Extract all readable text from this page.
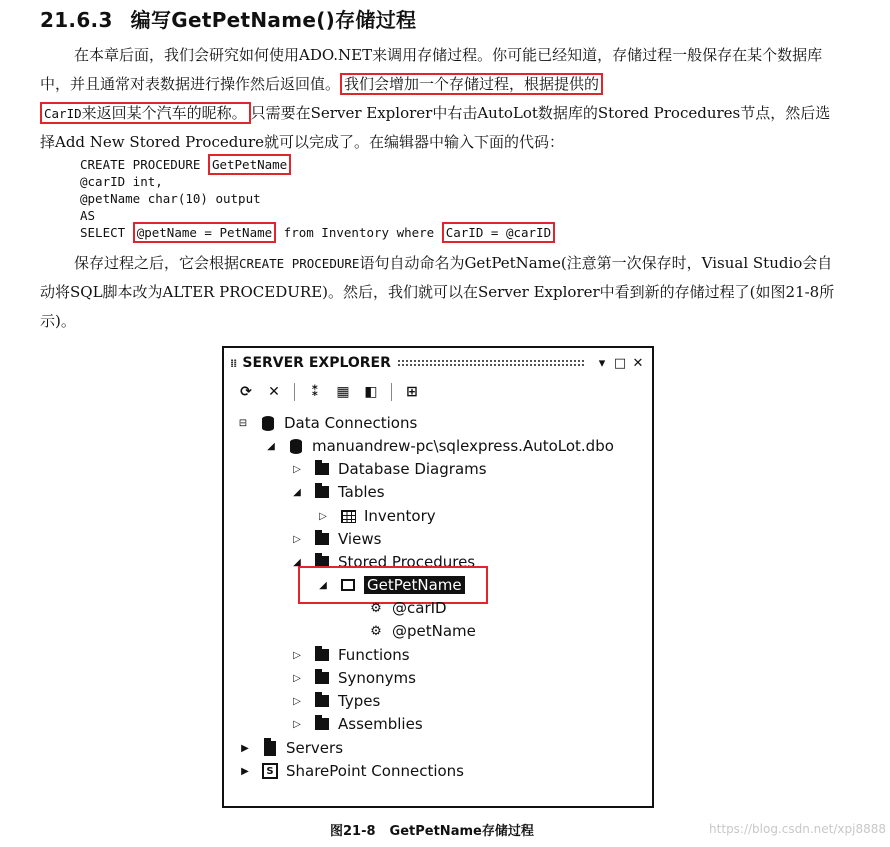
21.6.3 编写GetPetName()存储过程
在本章后面，我们会研究如何使用ADO.NET来调用存储过程。你可能已经知道，存储过程一般保存在某个数据库中，并且通常对表数据进行操作然后返回值。 我们会增加一个存储过程，根据提供的
CarID来返回某个汽车的昵称。 只需要在Server Explorer中右击AutoLot数据库的Stored Procedures节点，然后选择Add New Stored Procedure就可以完成了。在编辑器中输入下面的代码：
CREATE PROCEDURE GetPetName
@carID int,
@petName char(10) output
AS
SELECT @petName = PetName from Inventory where CarID = @carID
保存过程之后，它会根据CREATE PROCEDURE语句自动命名为GetPetName(注意第一次保存时，Visual Studio会自动将SQL脚本改为ALTER PROCEDURE)。然后，我们就可以在Server Explorer中看到新的存储过程了(如图21-8所示)。
⁞⁞ SERVER EXPLORER	▾ □ ✕
⟳ ✕	⁑	▦ ◧ ⊞
⊟ Data Connections
◢ manuandrew-pc\sqlexpress.AutoLot.dbo
▷ Database Diagrams
◢ Tables
▷ Inventory
▷ Views
◢ Stored Procedures
◢	GetPetName
⚙ @carID
⚙ @petName
▷ Functions
▷ Synonyms
▷ Types
▷ Assemblies
▶ Servers
▶	S SharePoint Connections
图21-8 GetPetName存储过程	https://blog.csdn.net/xpj8888
